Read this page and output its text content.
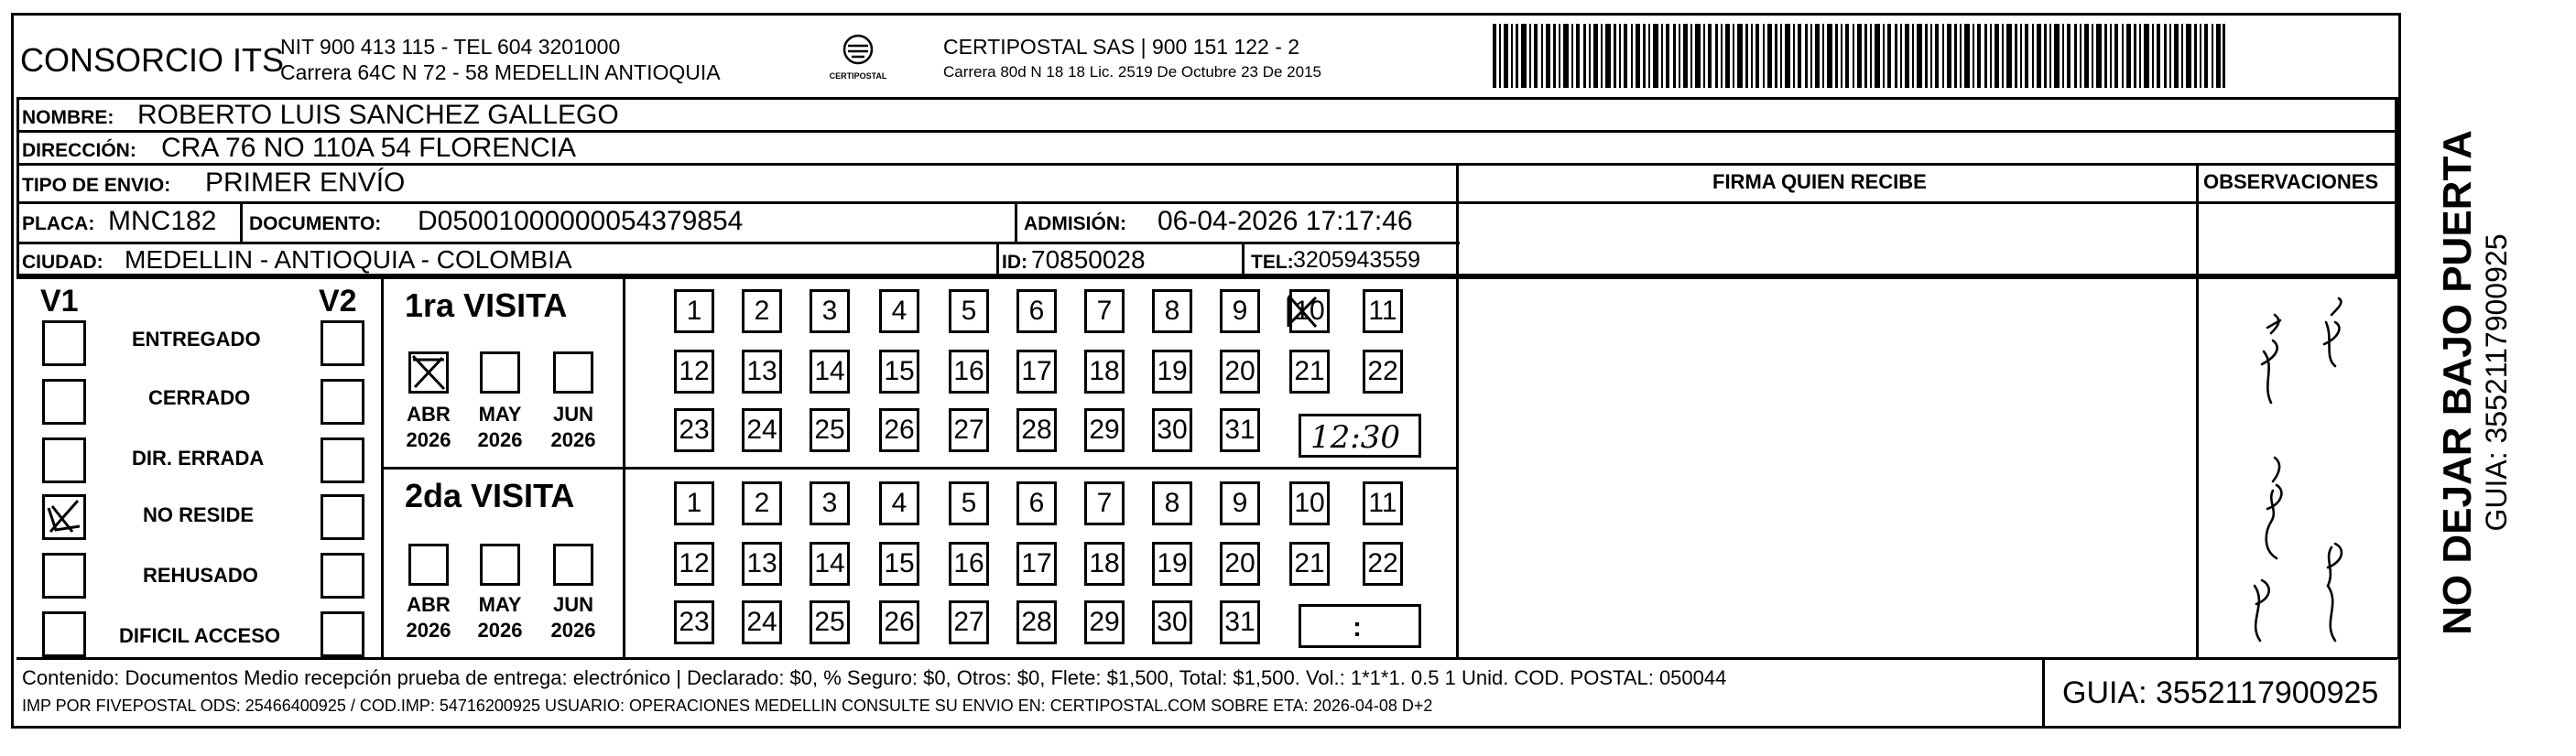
CONSORCIO ITS
NIT 900 413 115 - TEL 604 3201000
Carrera 64C N 72 - 58 MEDELLIN ANTIOQUIA	CERTIPOSTAL
CERTIPOSTAL SAS | 900 151 122 - 2
Carrera 80d N 18 18 Lic. 2519 De Octubre 23 De 2015
NOMBRE: ROBERTO LUIS SANCHEZ GALLEGO
DIRECCIÓN: CRA 76 NO 110A 54 FLORENCIA
TIPO DE ENVIO: PRIMER ENVÍO	FIRMA QUIEN RECIBE	OBSERVACIONES
PLACA: MNC182 DOCUMENTO: D05001000000054379854	ADMISIÓN: 06-04-2026 17:17:46
CIUDAD: MEDELLIN - ANTIOQUIA - COLOMBIA	ID: 70850028	TEL: 3205943559
V1	V2
ENTREGADO
CERRADO
DIR. ERRADA
NO RESIDE
REHUSADO
DIFICIL ACCESO
1ra VISITA
ABR MAY JUN
2026 2026 2026
2da VISITA
ABR MAY JUN
2026 2026 2026
1	2	3	4	5	6	7	8	9	10 11
12 13 14 15 16 17 18 19 20 21 22
23 24 25 26 27 28 29 30 31
1	2	3	4	5	6	7	8	9	10 11
12 13 14 15 16 17 18 19 20 21 22
23 24 25 26 27 28 29 30 31
12:30
:	NO DEJAR BAJO PUERTA GUIA: 3552117900925
Contenido: Documentos Medio recepción prueba de entrega: electrónico | Declarado: $0, % Seguro: $0, Otros: $0, Flete: $1,500, Total: $1,500. Vol.: 1*1*1. 0.5 1 Unid. COD. POSTAL: 050044
IMP POR FIVEPOSTAL ODS: 25466400925 / COD.IMP: 54716200925 USUARIO: OPERACIONES MEDELLIN CONSULTE SU ENVIO EN: CERTIPOSTAL.COM SOBRE ETA: 2026-04-08 D+2	GUIA: 3552117900925
